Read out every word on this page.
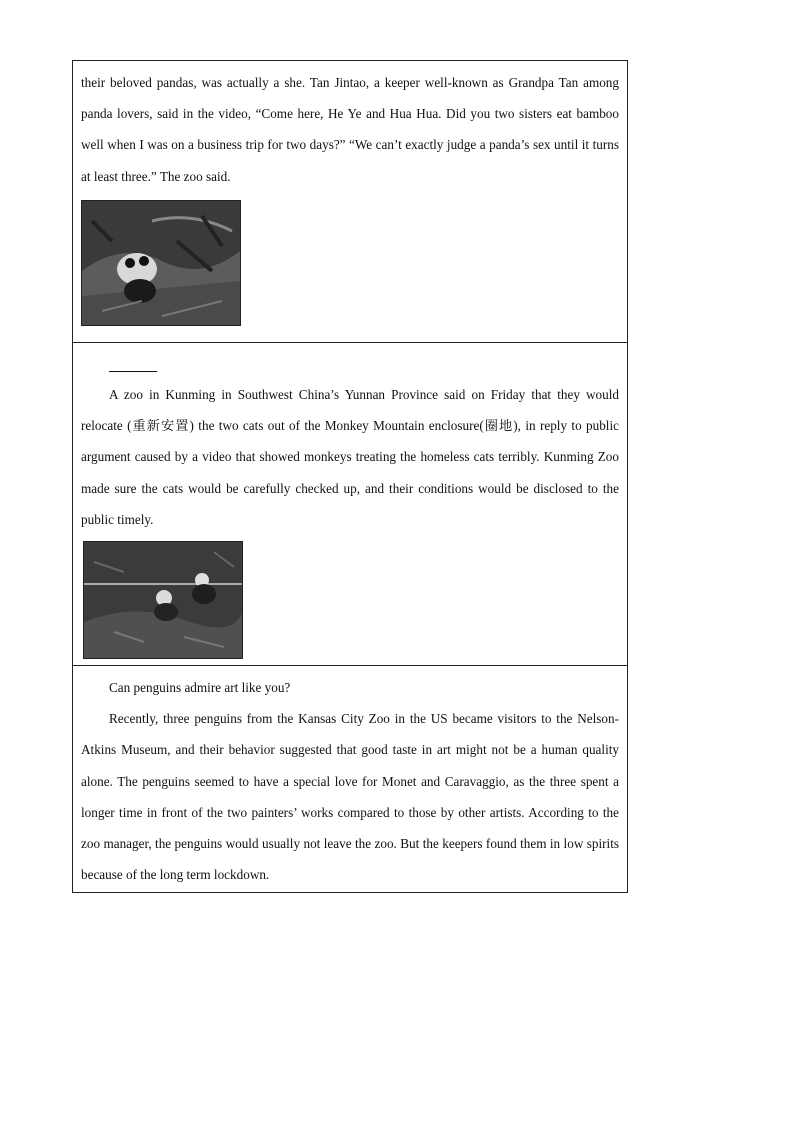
their beloved pandas, was actually a she. Tan Jintao, a keeper well-known as Grandpa Tan among panda lovers, said in the video, “Come here, He Ye and Hua Hua. Did you two sisters eat bamboo well when I was on a business trip for two days?” “We can’t exactly judge a panda’s sex until it turns at least three.” The zoo said.

A zoo in Kunming in Southwest China’s Yunnan Province said on Friday that they would relocate (重新安置) the two cats out of the Monkey Mountain enclosure(圈地), in reply to public argument caused by a video that showed monkeys treating the homeless cats terribly. Kunming Zoo made sure the cats would be carefully checked up, and their conditions would be disclosed to the public timely.

Can penguins admire art like you?

Recently, three penguins from the Kansas City Zoo in the US became visitors to the Nelson-Atkins Museum, and their behavior suggested that good taste in art might not be a human quality alone. The penguins seemed to have a special love for Monet and Caravaggio, as the three spent a longer time in front of the two painters’ works compared to those by other artists. According to the zoo manager, the penguins would usually not leave the zoo. But the keepers found them in low spirits because of the long term lockdown.
